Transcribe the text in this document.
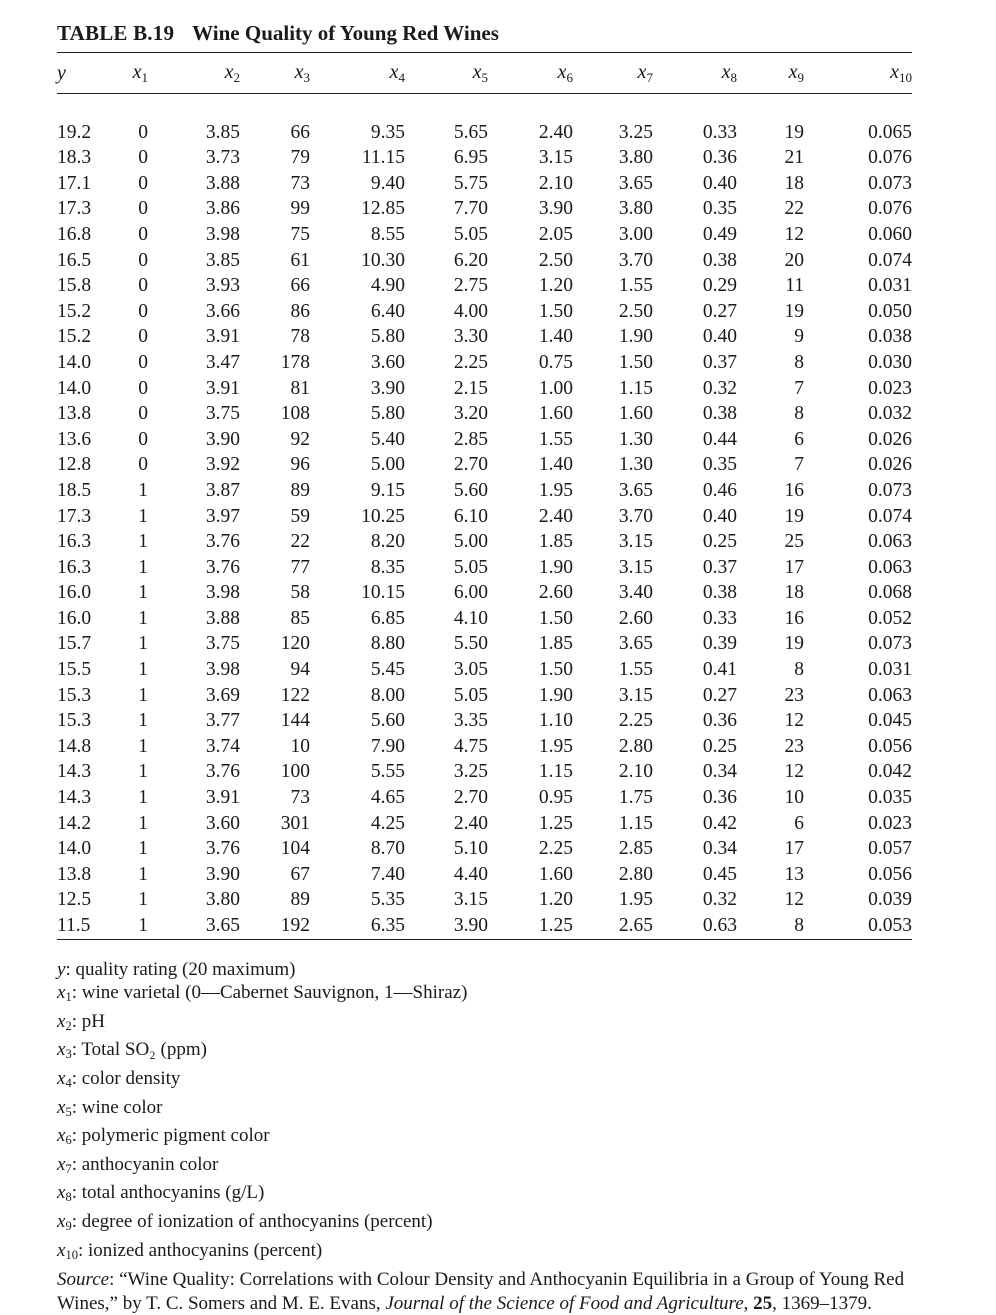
TABLE B.19 Wine Quality of Young Red Wines
y	$x_1$	$x_2$	$x_3$	$x_4$	$x_5$	$x_6$	$x_7$	$x_8$	$x_9$	$x_{10}$

19.2	0	3.85	66	9.35	5.65	2.40	3.25	0.33	19	0.065
18.3	0	3.73	79	11.15	6.95	3.15	3.80	0.36	21	0.076
17.1	0	3.88	73	9.40	5.75	2.10	3.65	0.40	18	0.073
17.3	0	3.86	99	12.85	7.70	3.90	3.80	0.35	22	0.076
16.8	0	3.98	75	8.55	5.05	2.05	3.00	0.49	12	0.060
16.5	0	3.85	61	10.30	6.20	2.50	3.70	0.38	20	0.074
15.8	0	3.93	66	4.90	2.75	1.20	1.55	0.29	11	0.031
15.2	0	3.66	86	6.40	4.00	1.50	2.50	0.27	19	0.050
15.2	0	3.91	78	5.80	3.30	1.40	1.90	0.40	9	0.038
14.0	0	3.47	178	3.60	2.25	0.75	1.50	0.37	8	0.030
14.0	0	3.91	81	3.90	2.15	1.00	1.15	0.32	7	0.023
13.8	0	3.75	108	5.80	3.20	1.60	1.60	0.38	8	0.032
13.6	0	3.90	92	5.40	2.85	1.55	1.30	0.44	6	0.026
12.8	0	3.92	96	5.00	2.70	1.40	1.30	0.35	7	0.026
18.5	1	3.87	89	9.15	5.60	1.95	3.65	0.46	16	0.073
17.3	1	3.97	59	10.25	6.10	2.40	3.70	0.40	19	0.074
16.3	1	3.76	22	8.20	5.00	1.85	3.15	0.25	25	0.063
16.3	1	3.76	77	8.35	5.05	1.90	3.15	0.37	17	0.063
16.0	1	3.98	58	10.15	6.00	2.60	3.40	0.38	18	0.068
16.0	1	3.88	85	6.85	4.10	1.50	2.60	0.33	16	0.052
15.7	1	3.75	120	8.80	5.50	1.85	3.65	0.39	19	0.073
15.5	1	3.98	94	5.45	3.05	1.50	1.55	0.41	8	0.031
15.3	1	3.69	122	8.00	5.05	1.90	3.15	0.27	23	0.063
15.3	1	3.77	144	5.60	3.35	1.10	2.25	0.36	12	0.045
14.8	1	3.74	10	7.90	4.75	1.95	2.80	0.25	23	0.056
14.3	1	3.76	100	5.55	3.25	1.15	2.10	0.34	12	0.042
14.3	1	3.91	73	4.65	2.70	0.95	1.75	0.36	10	0.035
14.2	1	3.60	301	4.25	2.40	1.25	1.15	0.42	6	0.023
14.0	1	3.76	104	8.70	5.10	2.25	2.85	0.34	17	0.057
13.8	1	3.90	67	7.40	4.40	1.60	2.80	0.45	13	0.056
12.5	1	3.80	89	5.35	3.15	1.20	1.95	0.32	12	0.039
11.5	1	3.65	192	6.35	3.90	1.25	2.65	0.63	8	0.053
y: quality rating (20 maximum)
$x_1$: wine varietal (0—Cabernet Sauvignon, 1—Shiraz)
$x_2$: pH
$x_3$: Total SO₂ (ppm)
$x_4$: color density
$x_5$: wine color
$x_6$: polymeric pigment color
$x_7$: anthocyanin color
$x_8$: total anthocyanins (g/L)
$x_9$: degree of ionization of anthocyanins (percent)
$x_{10}$: ionized anthocyanins (percent)
Source: “Wine Quality: Correlations with Colour Density and Anthocyanin Equilibria in a Group of Young Red Wines,” by T. C. Somers and M. E. Evans, Journal of the Science of Food and Agriculture, 25, 1369–1379.
